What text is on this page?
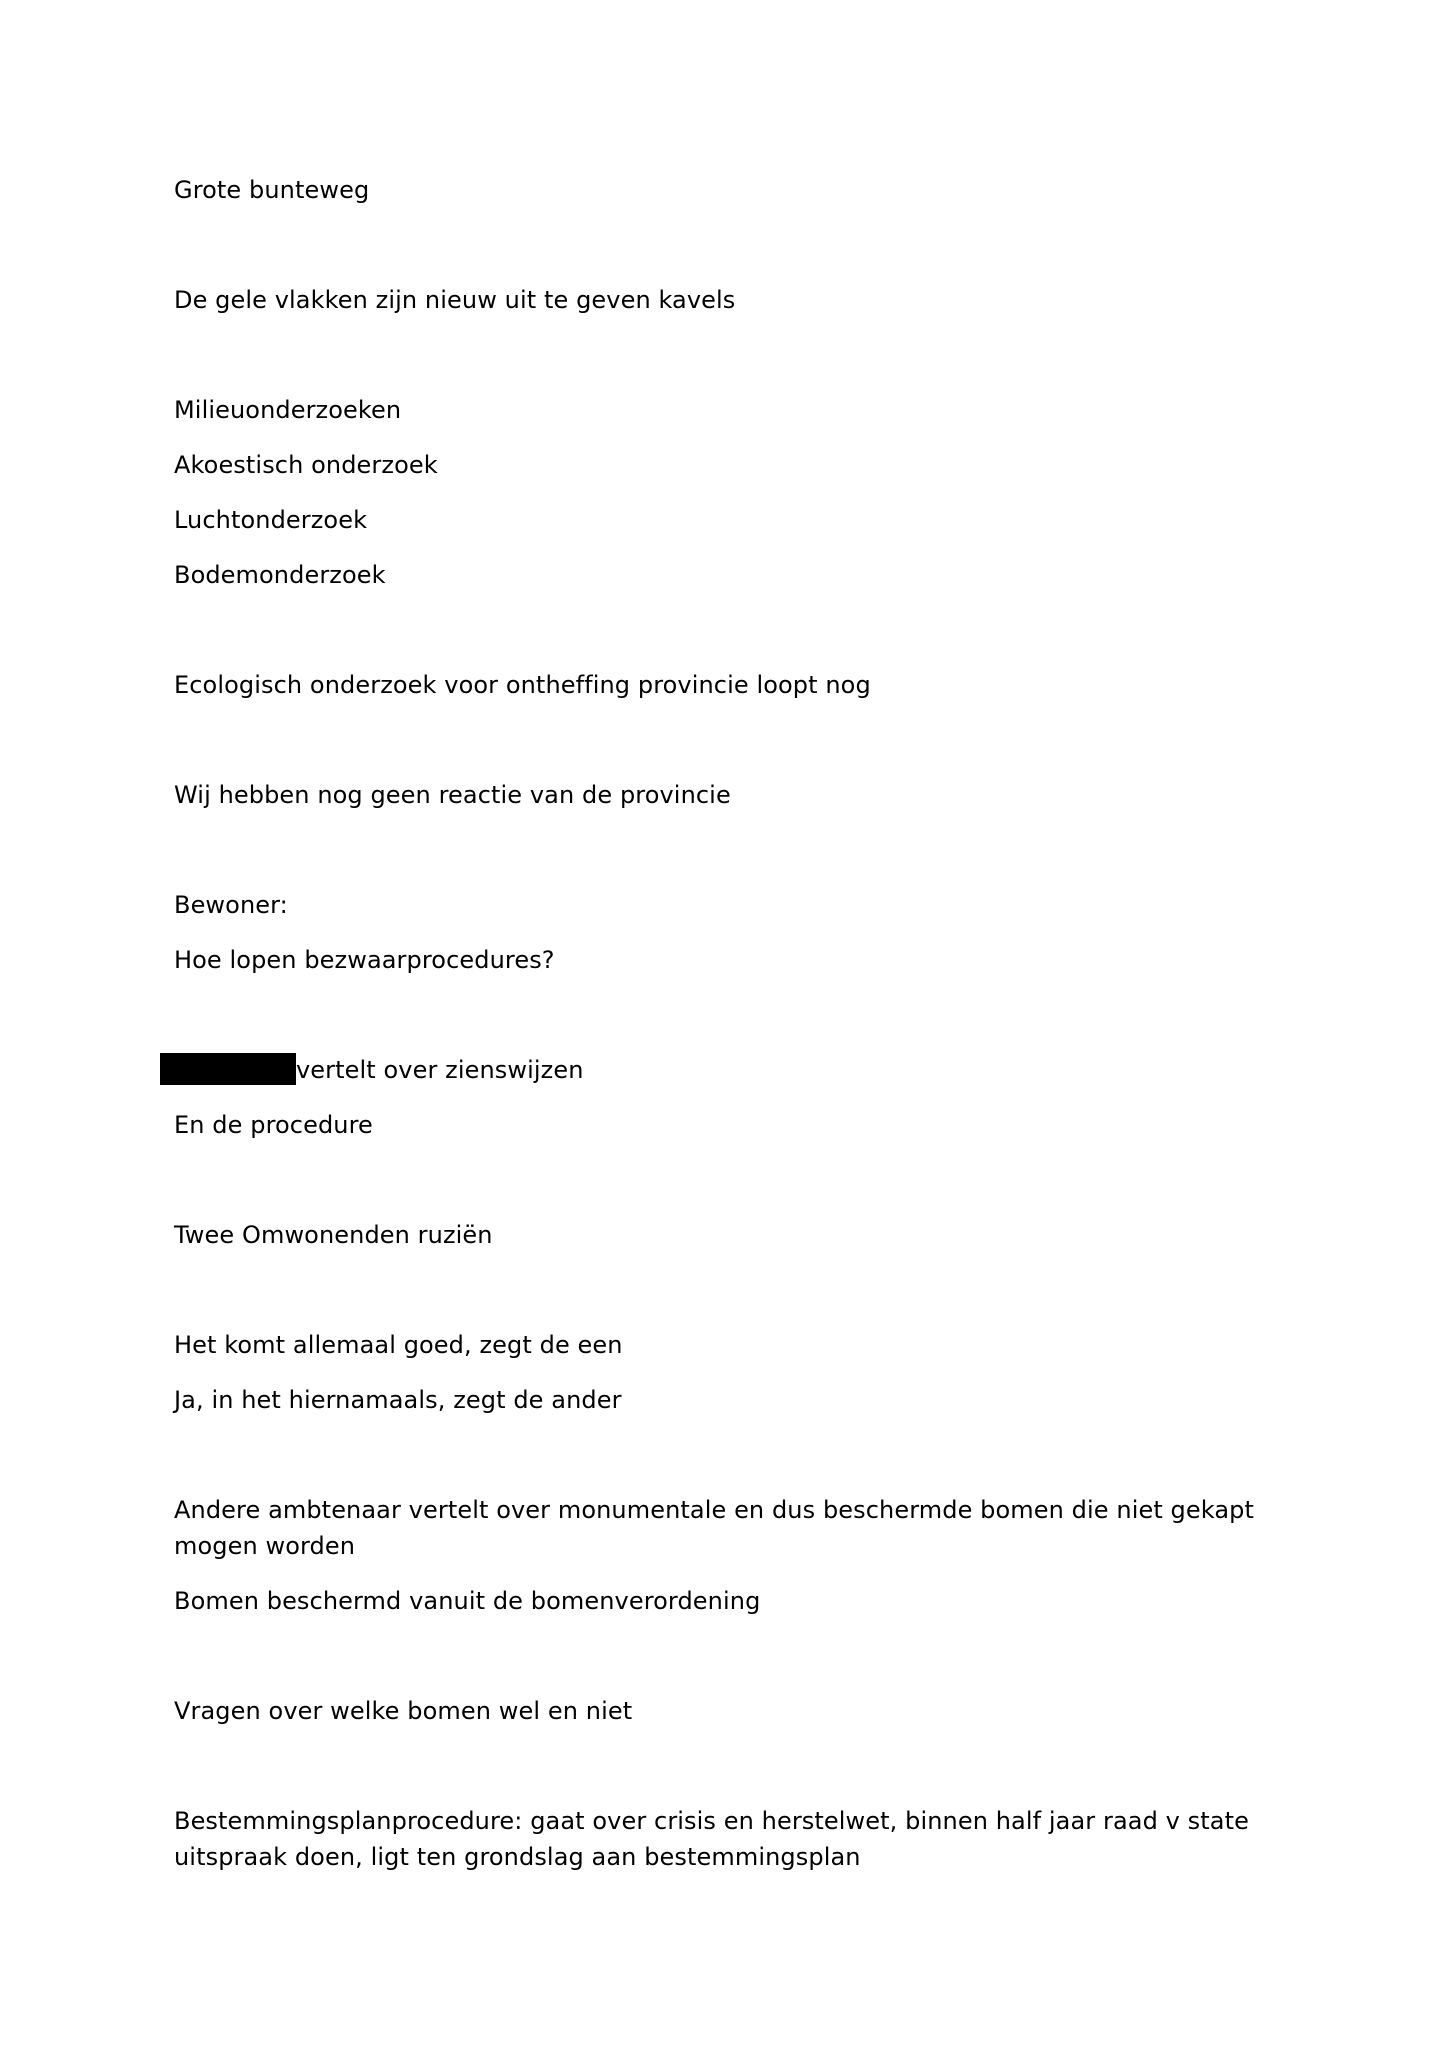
Grote bunteweg
De gele vlakken zijn nieuw uit te geven kavels
Milieuonderzoeken
Akoestisch onderzoek
Luchtonderzoek
Bodemonderzoek
Ecologisch onderzoek voor ontheffing provincie loopt nog
Wij hebben nog geen reactie van de provincie
Bewoner:
Hoe lopen bezwaarprocedures?
vertelt over zienswijzen
En de procedure
Twee Omwonenden ruziën
Het komt allemaal goed, zegt de een
Ja, in het hiernamaals, zegt de ander
Andere ambtenaar vertelt over monumentale en dus beschermde bomen die niet gekapt mogen worden
Bomen beschermd vanuit de bomenverordening
Vragen over welke bomen wel en niet
Bestemmingsplanprocedure: gaat over crisis en herstelwet, binnen half jaar raad v state uitspraak doen, ligt ten grondslag aan bestemmingsplan
